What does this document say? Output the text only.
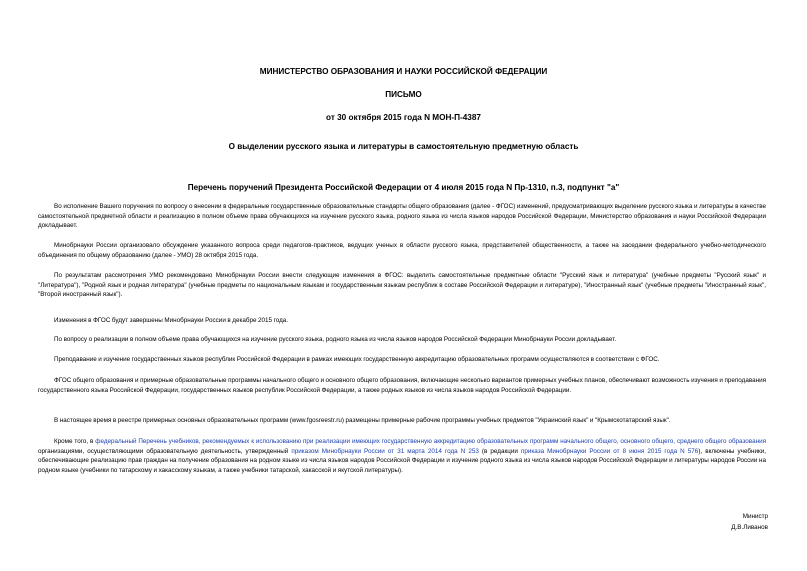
МИНИСТЕРСТВО ОБРАЗОВАНИЯ И НАУКИ РОССИЙСКОЙ ФЕДЕРАЦИИ
ПИСЬМО
от 30 октября 2015 года N МОН-П-4387
О выделении русского языка и литературы в самостоятельную предметную область
Перечень поручений Президента Российской Федерации от 4 июля 2015 года N Пр-1310, п.3, подпункт "а"
Во исполнение Вашего поручения по вопросу о внесении в федеральные государственные образовательные стандарты общего образования (далее - ФГОС) изменений, предусматривающих выделение русского языка и литературы в качестве самостоятельной предметной области и реализацию в полном объеме права обучающихся на изучение русского языка, родного языка из числа языков народов Российской Федерации, Министерство образования и науки Российской Федерации докладывает.
Минобрнауки России организовало обсуждение указанного вопроса среди педагогов-практиков, ведущих ученых в области русского языка, представителей общественности, а также на заседании федерального учебно-методического объединения по общему образованию (далее - УМО) 28 октября 2015 года.
По результатам рассмотрения УМО рекомендовано Минобрнауки России внести следующие изменения в ФГОС: выделить самостоятельные предметные области "Русский язык и литература" (учебные предметы "Русский язык" и "Литература"), "Родной язык и родная литература" (учебные предметы по национальным языкам и государственным языкам республик в составе Российской Федерации и литературе), "Иностранный язык" (учебные предметы "Иностранный язык", "Второй иностранный язык").
Изменения в ФГОС будут завершены Минобрнауки России в декабре 2015 года.
По вопросу о реализации в полном объеме права обучающихся на изучение русского языка, родного языка из числа языков народов Российской Федерации Минобрнауки России докладывает.
Преподавание и изучение государственных языков республик Российской Федерации в рамках имеющих государственную аккредитацию образовательных программ осуществляются в соответствии с ФГОС.
ФГОС общего образования и примерные образовательные программы начального общего и основного общего образования, включающие несколько вариантов примерных учебных планов, обеспечивают возможность изучения и преподавания государственного языка Российской Федерации, государственных языков республик Российской Федерации, а также родных языков из числа языков народов Российской Федерации.
В настоящее время в реестре примерных основных образовательных программ (www.fgosreestr.ru) размещены примерные рабочие программы учебных предметов "Украинский язык" и "Крымскотатарский язык".
Кроме того, в федеральный Перечень учебников, рекомендуемых к использованию при реализации имеющих государственную аккредитацию образовательных программ начального общего, основного общего, среднего общего образования организациями, осуществляющими образовательную деятельность, утвержденный приказом Минобрнауки России от 31 марта 2014 года N 253 (в редакции приказа Минобрнауки России от 8 июня 2015 года N 576), включены учебники, обеспечивающие реализацию прав граждан на получение образования на родном языке из числа языков народов Российской Федерации и изучение родного языка из числа языков народов Российской Федерации и литературы народов России на родном языке (учебники по татарскому и хакасскому языкам, а также учебники татарской, хакасской и якутской литературы).
Министр
Д.В.Ливанов
